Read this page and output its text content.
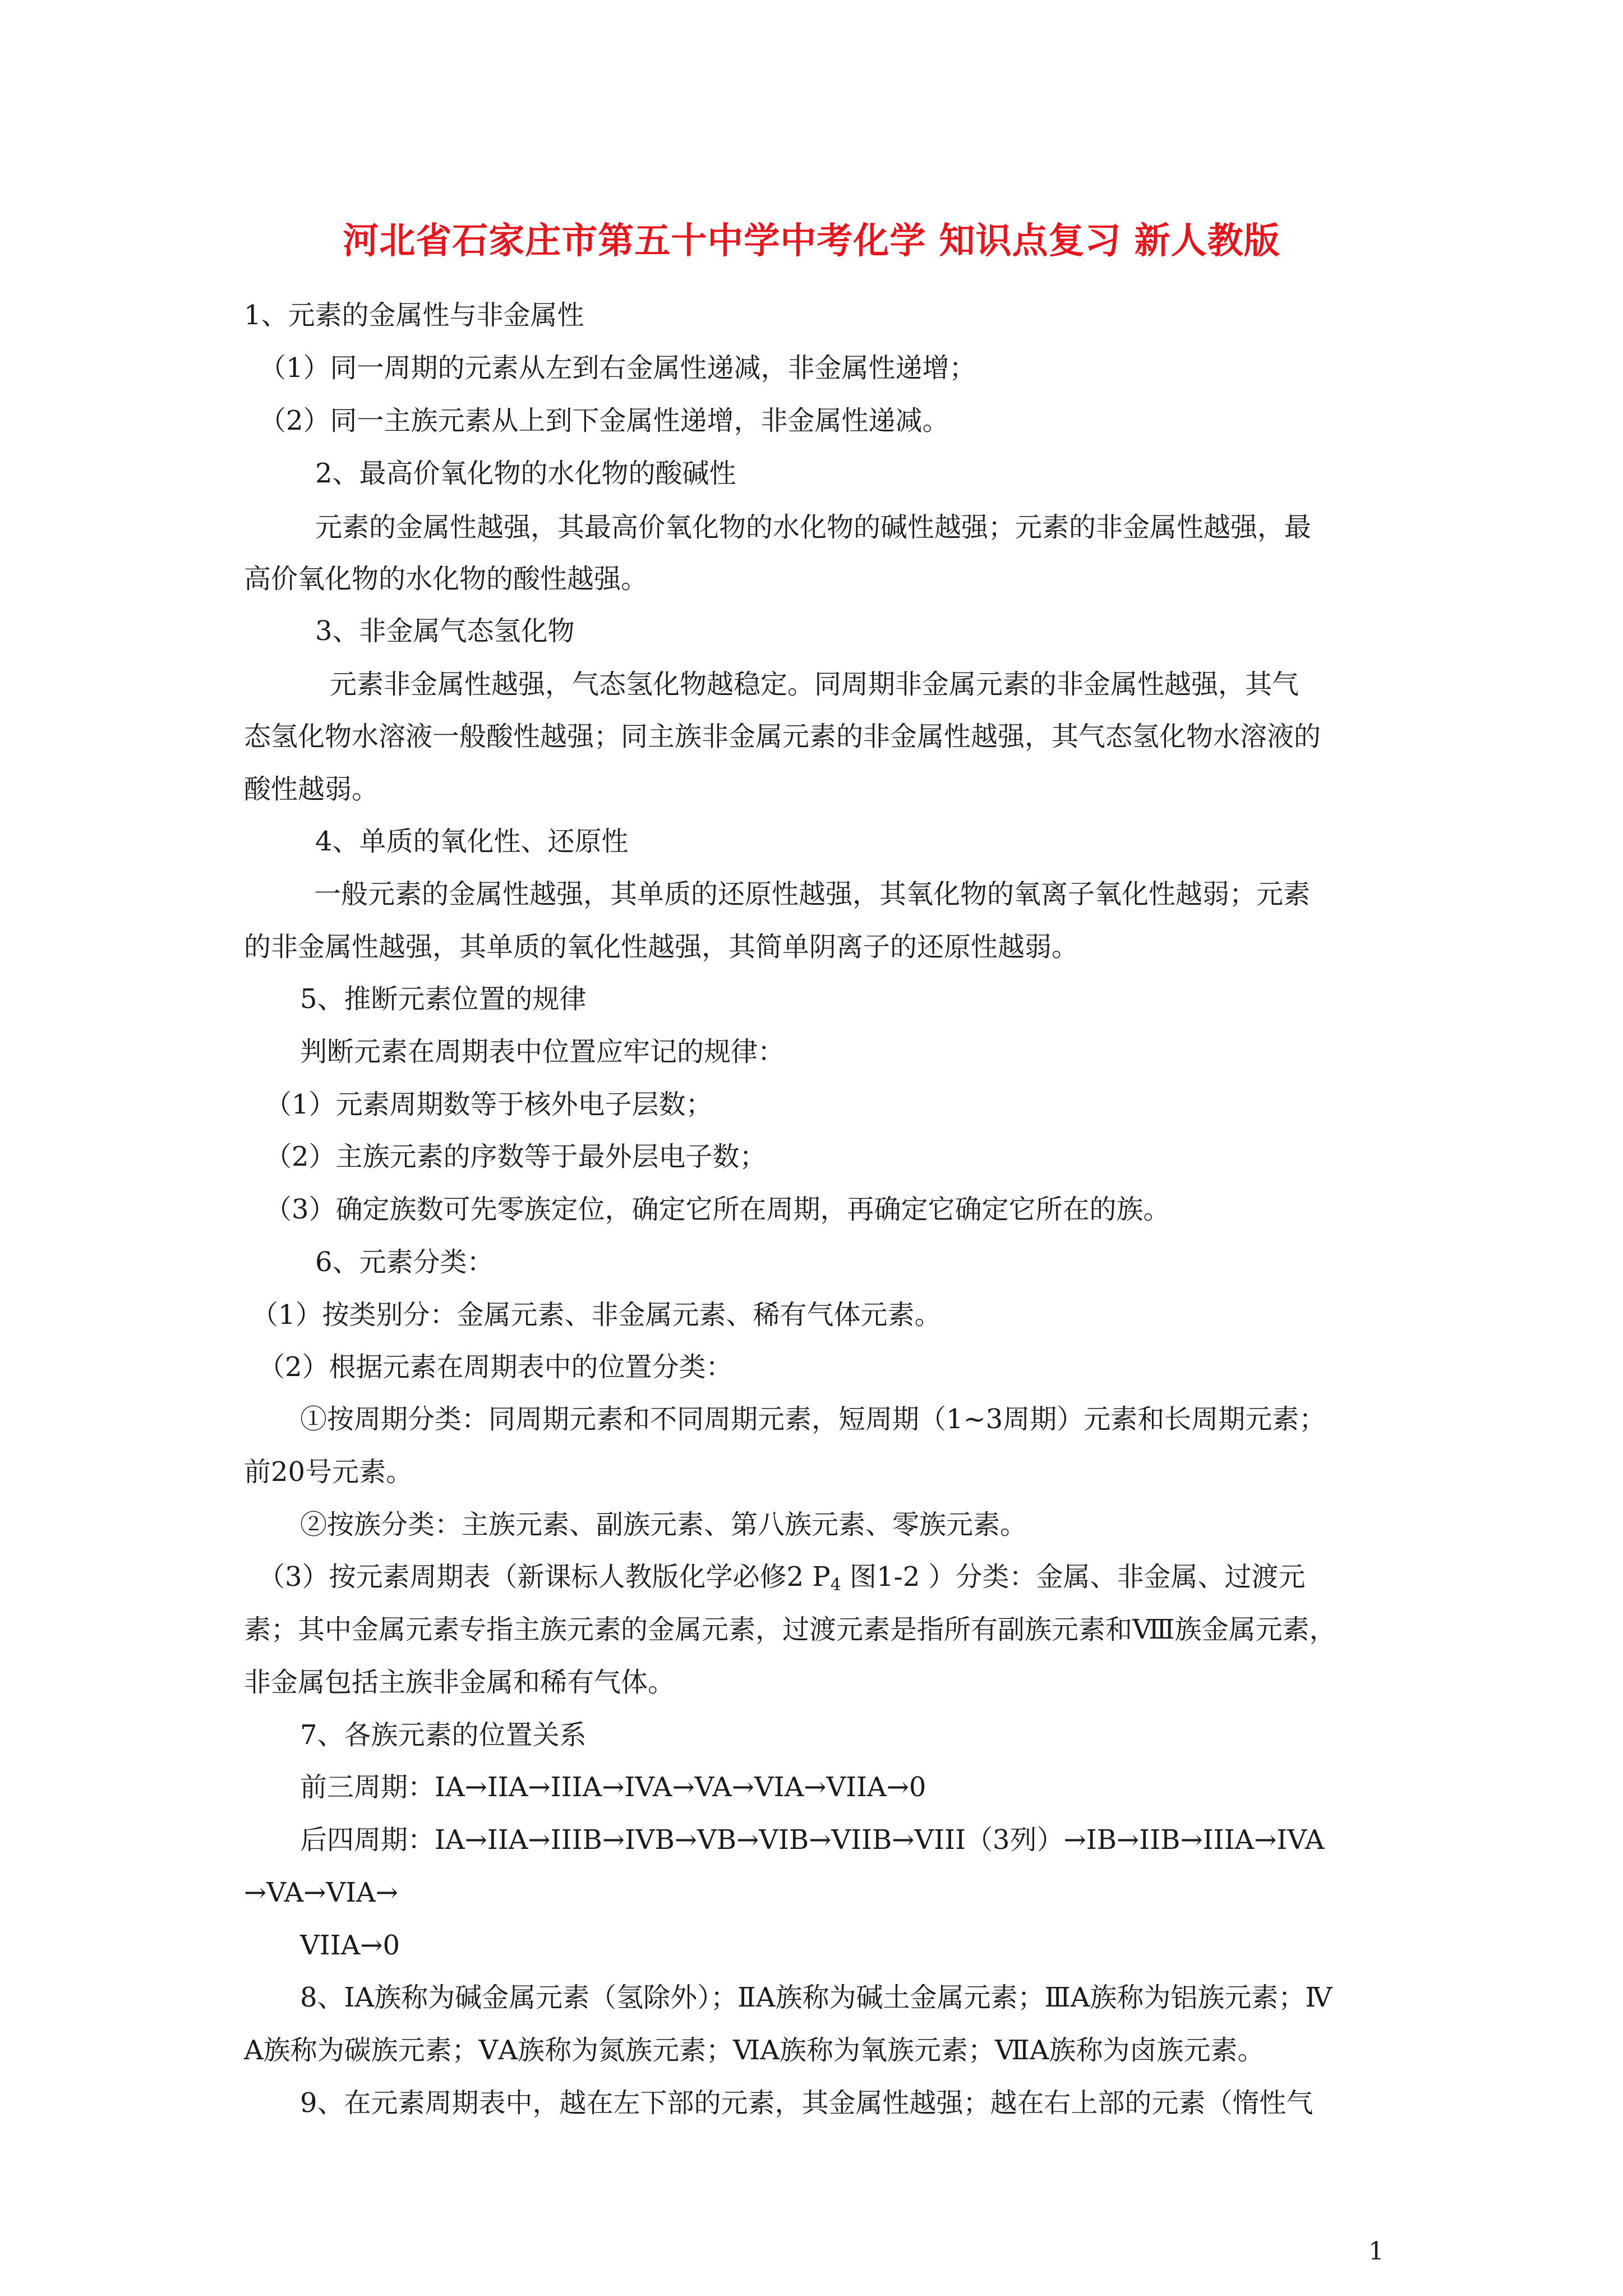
河北省石家庄市第五十中学中考化学 知识点复习 新人教版
1、元素的金属性与非金属性
（1）同一周期的元素从左到右金属性递减，非金属性递增；
（2）同一主族元素从上到下金属性递增，非金属性递减。
2、最高价氧化物的水化物的酸碱性
元素的金属性越强，其最高价氧化物的水化物的碱性越强；元素的非金属性越强，最
高价氧化物的水化物的酸性越强。
3、非金属气态氢化物
元素非金属性越强，气态氢化物越稳定。同周期非金属元素的非金属性越强，其气
态氢化物水溶液一般酸性越强；同主族非金属元素的非金属性越强，其气态氢化物水溶液的
酸性越弱。
4、单质的氧化性、还原性
一般元素的金属性越强，其单质的还原性越强，其氧化物的氧离子氧化性越弱；元素
的非金属性越强，其单质的氧化性越强，其简单阴离子的还原性越弱。
5、推断元素位置的规律
判断元素在周期表中位置应牢记的规律：
（1）元素周期数等于核外电子层数；
（2）主族元素的序数等于最外层电子数；
（3）确定族数可先零族定位，确定它所在周期，再确定它确定它所在的族。
6、元素分类：
（1）按类别分：金属元素、非金属元素、稀有气体元素。
（2）根据元素在周期表中的位置分类：
①按周期分类：同周期元素和不同周期元素，短周期（1~3周期）元素和长周期元素；
前20号元素。
②按族分类：主族元素、副族元素、第八族元素、零族元素。
（3）按元素周期表（新课标人教版化学必修2 $P_4$ 图1-2 ）分类：金属、非金属、过渡元
素；其中金属元素专指主族元素的金属元素，过渡元素是指所有副族元素和Ⅷ族金属元素，
非金属包括主族非金属和稀有气体。
7、各族元素的位置关系
前三周期：IA→IIA→IIIA→IVA→VA→VIA→VIIA→0
后四周期：IA→IIA→IIIB→IVB→VB→VIB→VIIB→VIII（3列）→IB→IIB→IIIA→IVA
→VA→VIA→
VIIA→0
8、ⅠA族称为碱金属元素（氢除外）；ⅡA族称为碱土金属元素；ⅢA族称为铝族元素；Ⅳ
A族称为碳族元素；ⅤA族称为氮族元素；ⅥA族称为氧族元素；ⅦA族称为卤族元素。
9、在元素周期表中，越在左下部的元素，其金属性越强；越在右上部的元素（惰性气
1
